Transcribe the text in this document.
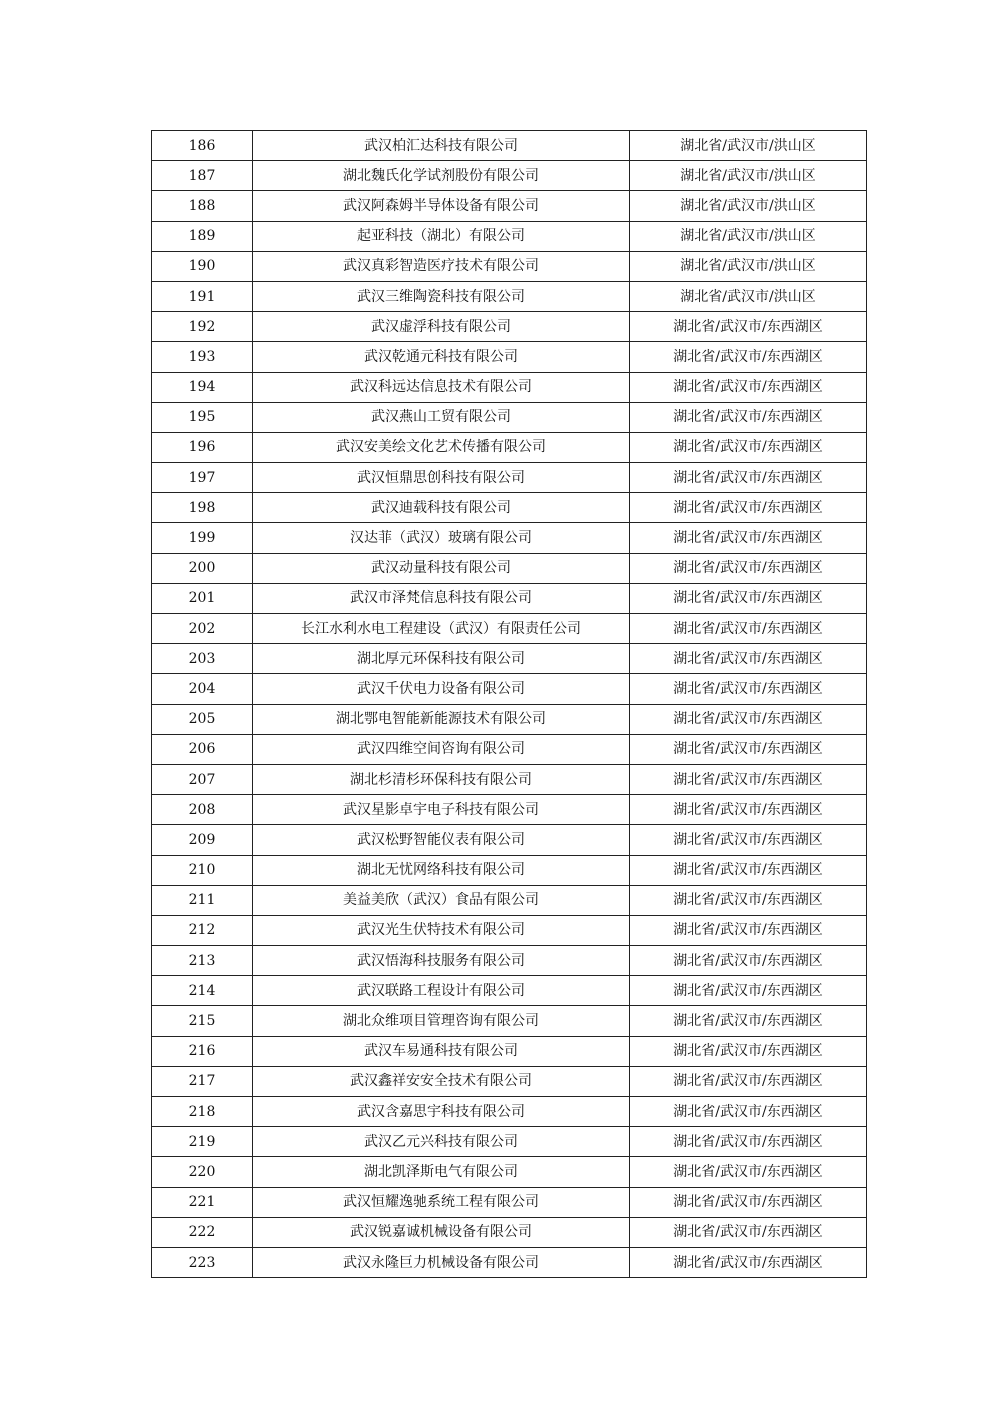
186	武汉柏汇达科技有限公司	湖北省/武汉市/洪山区
187	湖北魏氏化学试剂股份有限公司	湖北省/武汉市/洪山区
188	武汉阿森姆半导体设备有限公司	湖北省/武汉市/洪山区
189	起亚科技（湖北）有限公司	湖北省/武汉市/洪山区
190	武汉真彩智造医疗技术有限公司	湖北省/武汉市/洪山区
191	武汉三维陶瓷科技有限公司	湖北省/武汉市/洪山区
192	武汉虚浮科技有限公司	湖北省/武汉市/东西湖区
193	武汉乾通元科技有限公司	湖北省/武汉市/东西湖区
194	武汉科远达信息技术有限公司	湖北省/武汉市/东西湖区
195	武汉燕山工贸有限公司	湖北省/武汉市/东西湖区
196	武汉安美绘文化艺术传播有限公司	湖北省/武汉市/东西湖区
197	武汉恒鼎思创科技有限公司	湖北省/武汉市/东西湖区
198	武汉迪载科技有限公司	湖北省/武汉市/东西湖区
199	汉达菲（武汉）玻璃有限公司	湖北省/武汉市/东西湖区
200	武汉动量科技有限公司	湖北省/武汉市/东西湖区
201	武汉市泽梵信息科技有限公司	湖北省/武汉市/东西湖区
202	长江水利水电工程建设（武汉）有限责任公司	湖北省/武汉市/东西湖区
203	湖北厚元环保科技有限公司	湖北省/武汉市/东西湖区
204	武汉千伏电力设备有限公司	湖北省/武汉市/东西湖区
205	湖北鄂电智能新能源技术有限公司	湖北省/武汉市/东西湖区
206	武汉四维空间咨询有限公司	湖北省/武汉市/东西湖区
207	湖北杉清杉环保科技有限公司	湖北省/武汉市/东西湖区
208	武汉星影卓宇电子科技有限公司	湖北省/武汉市/东西湖区
209	武汉松野智能仪表有限公司	湖北省/武汉市/东西湖区
210	湖北无忧网络科技有限公司	湖北省/武汉市/东西湖区
211	美益美欣（武汉）食品有限公司	湖北省/武汉市/东西湖区
212	武汉光生伏特技术有限公司	湖北省/武汉市/东西湖区
213	武汉悟海科技服务有限公司	湖北省/武汉市/东西湖区
214	武汉联路工程设计有限公司	湖北省/武汉市/东西湖区
215	湖北众维项目管理咨询有限公司	湖北省/武汉市/东西湖区
216	武汉车易通科技有限公司	湖北省/武汉市/东西湖区
217	武汉鑫祥安安全技术有限公司	湖北省/武汉市/东西湖区
218	武汉含嘉思宇科技有限公司	湖北省/武汉市/东西湖区
219	武汉乙元兴科技有限公司	湖北省/武汉市/东西湖区
220	湖北凯泽斯电气有限公司	湖北省/武汉市/东西湖区
221	武汉恒耀逸驰系统工程有限公司	湖北省/武汉市/东西湖区
222	武汉锐嘉诚机械设备有限公司	湖北省/武汉市/东西湖区
223	武汉永隆巨力机械设备有限公司	湖北省/武汉市/东西湖区
